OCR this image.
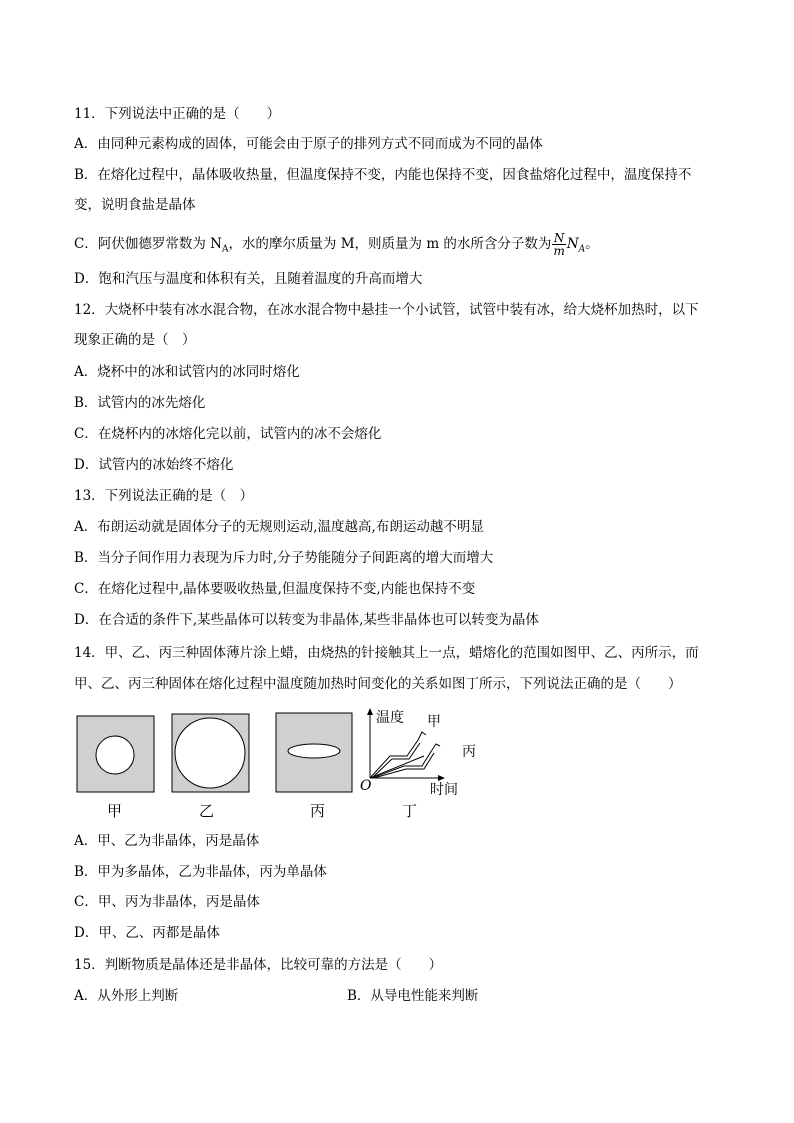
11．下列说法中正确的是（　　）
A．由同种元素构成的固体，可能会由于原子的排列方式不同而成为不同的晶体
B．在熔化过程中，晶体吸收热量，但温度保持不变，内能也保持不变，因食盐熔化过程中，温度保持不
变，说明食盐是晶体
C．阿伏伽德罗常数为 $N_A$，水的摩尔质量为 M，则质量为 m 的水所含分子数为 $\frac{N}{m} N_A$。
D．饱和汽压与温度和体积有关，且随着温度的升高而增大
12．大烧杯中装有冰水混合物，在冰水混合物中悬挂一个小试管，试管中装有冰，给大烧杯加热时，以下
现象正确的是（　）
A．烧杯中的冰和试管内的冰同时熔化
B．试管内的冰先熔化
C．在烧杯内的冰熔化完以前，试管内的冰不会熔化
D．试管内的冰始终不熔化
13．下列说法正确的是（　）
A．布朗运动就是固体分子的无规则运动,温度越高,布朗运动越不明显
B．当分子间作用力表现为斥力时,分子势能随分子间距离的增大而增大
C．在熔化过程中,晶体要吸收热量,但温度保持不变,内能也保持不变
D．在合适的条件下,某些晶体可以转变为非晶体,某些非晶体也可以转变为晶体
14．甲、乙、丙三种固体薄片涂上蜡，由烧热的针接触其上一点，蜡熔化的范围如图甲、乙、丙所示，而
甲、乙、丙三种固体在熔化过程中温度随加热时间变化的关系如图丁所示，下列说法正确的是（　　）
温度 甲
丙
时间
O
甲	乙	丙	丁
A．甲、乙为非晶体，丙是晶体
B．甲为多晶体，乙为非晶体，丙为单晶体
C．甲、丙为非晶体，丙是晶体
D．甲、乙、丙都是晶体
15．判断物质是晶体还是非晶体，比较可靠的方法是（　　）
A．从外形上判断	B．从导电性能来判断
